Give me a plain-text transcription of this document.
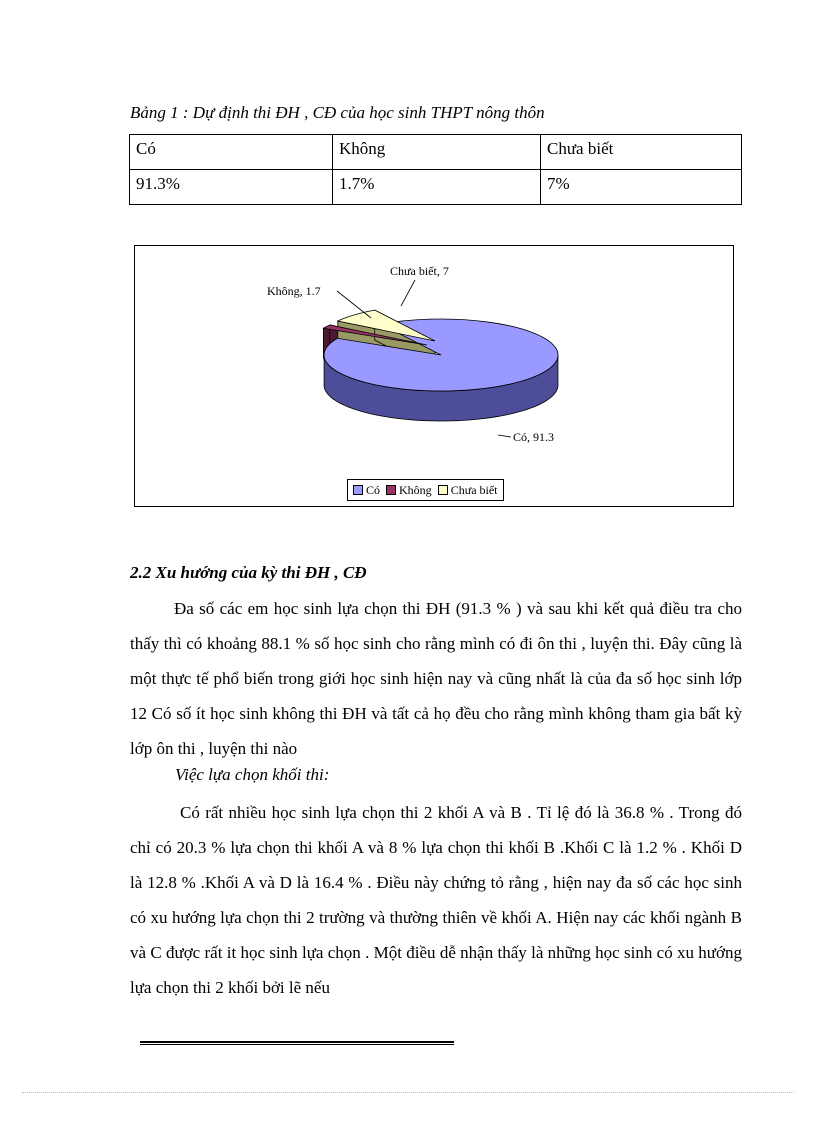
Bảng 1 : Dự định thi ĐH , CĐ của học sinh THPT nông thôn
Có	Không	Chưa biết
91.3%	1.7%	7%
Có, 91.3
Không, 1.7
Chưa biết, 7
Có Không Chưa biết
2.2 Xu hướng của kỳ thi ĐH , CĐ
Đa số các em học sinh lựa chọn thi ĐH (91.3 % ) và sau khi kết quả điều tra cho thấy thì có khoảng 88.1 % số học sinh cho rằng mình có đi ôn thi , luyện thi. Đây cũng là một thực tế phổ biến trong giới học sinh hiện nay và cũng nhất là của đa số học sinh lớp 12 Có số ít học sinh không thi ĐH và tất cả họ đều cho rằng mình không tham gia bất kỳ lớp ôn thi , luyện thi nào
Việc lựa chọn khối thi:
Có rất nhiều học sinh lựa chọn thi 2 khối A và B . Tỉ lệ đó là 36.8 % . Trong đó chỉ có 20.3 % lựa chọn thi khối A và 8 % lựa chọn thi khối B .Khối C là 1.2 % . Khối D là 12.8 % .Khối A và D là 16.4 % . Điều này chứng tỏ rằng , hiện nay đa số các học sinh có xu hướng lựa chọn thi 2 trường và thường thiên về khối A. Hiện nay các khối ngành B và C được rất it học sinh lựa chọn . Một điều dễ nhận thấy là những học sinh có xu hướng lựa chọn thi 2 khối bởi lẽ nếu
